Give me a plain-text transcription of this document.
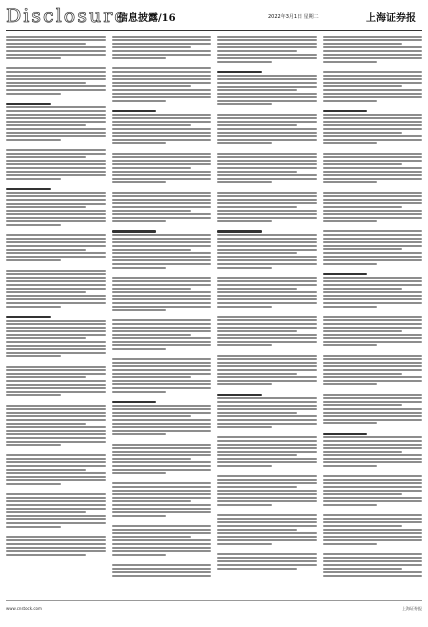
Disclosure
信息披露/16	2022年3月1日 星期二	上海证券报
www.cnstock.com	上海证券报
